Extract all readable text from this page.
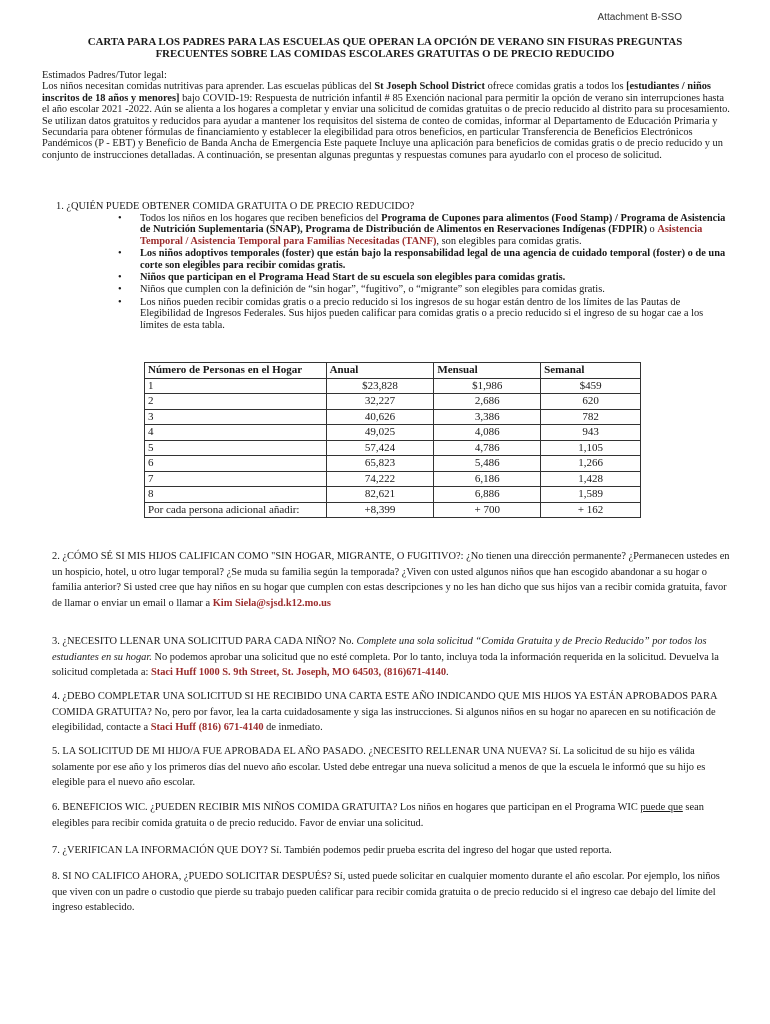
Attachment B-SSO
CARTA PARA LOS PADRES PARA LAS ESCUELAS QUE OPERAN LA OPCIÓN DE VERANO SIN FISURAS PREGUNTAS
FRECUENTES SOBRE LAS COMIDAS ESCOLARES GRATUITAS O DE PRECIO REDUCIDO
Estimados Padres/Tutor legal:
Los niños necesitan comidas nutritivas para aprender. Las escuelas públicas del St Joseph School District ofrece comidas gratis a todos los [estudiantes / niños inscritos de 18 años y menores] bajo COVID-19: Respuesta de nutrición infantil # 85 Exención nacional para permitir la opción de verano sin interrupciones hasta el año escolar 2021 -2022. Aún se alienta a los hogares a completar y enviar una solicitud de comidas gratuitas o de precio reducido al distrito para su procesamiento. Se utilizan datos gratuitos y reducidos para ayudar a mantener los requisitos del sistema de conteo de comidas, informar al Departamento de Educación Primaria y Secundaria para obtener fórmulas de financiamiento y establecer la elegibilidad para otros beneficios, en particular Transferencia de Beneficios Electrónicos Pandémicos (P - EBT) y Beneficio de Banda Ancha de Emergencia Este paquete Incluye una aplicación para beneficios de comidas gratis o de precio reducido y un conjunto de instrucciones detalladas. A continuación, se presentan algunas preguntas y respuestas comunes para ayudarlo con el proceso de solicitud.
1. ¿QUIÉN PUEDE OBTENER COMIDA GRATUITA O DE PRECIO REDUCIDO?
• Todos los niños en los hogares que reciben beneficios del Programa de Cupones para alimentos (Food Stamp) / Programa de Asistencia de Nutrición Suplementaria (SNAP), Programa de Distribución de Alimentos en Reservaciones Indígenas (FDPIR) o Asistencia Temporal / Asistencia Temporal para Familias Necesitadas (TANF), son elegibles para comidas gratis.
• Los niños adoptivos temporales (foster) que están bajo la responsabilidad legal de una agencia de cuidado temporal (foster) o de una corte son elegibles para recibir comidas gratis.
• Niños que participan en el Programa Head Start de su escuela son elegibles para comidas gratis.
• Niños que cumplen con la definición de “sin hogar”, “fugitivo”, o “migrante” son elegibles para comidas gratis.
• Los niños pueden recibir comidas gratis o a precio reducido si los ingresos de su hogar están dentro de los límites de las Pautas de Elegibilidad de Ingresos Federales. Sus hijos pueden calificar para comidas gratis o a precio reducido si el ingreso de su hogar cae a los límites de esta tabla.
Número de Personas en el Hogar	Anual	Mensual	Semanal
1	$23,828	$1,986	$459
2	32,227	2,686	620
3	40,626	3,386	782
4	49,025	4,086	943
5	57,424	4,786	1,105
6	65,823	5,486	1,266
7	74,222	6,186	1,428
8	82,621	6,886	1,589
Por cada persona adicional añadir:	+8,399	+ 700	+ 162
2. ¿CÓMO SÉ SI MIS HIJOS CALIFICAN COMO "SIN HOGAR, MIGRANTE, O FUGITIVO?: ¿No tienen una dirección permanente? ¿Permanecen ustedes en un hospicio, hotel, u otro lugar temporal? ¿Se muda su familia según la temporada? ¿Viven con usted algunos niños que han escogido abandonar a su hogar o familia anterior? Si usted cree que hay niños en su hogar que cumplen con estas descripciones y no les han dicho que sus hijos van a recibir comida gratuita, favor de llamar o enviar un email o llamar a Kim Siela@sjsd.k12.mo.us
3. ¿NECESITO LLENAR UNA SOLICITUD PARA CADA NIÑO? No. Complete una sola solicitud “Comida Gratuita y de Precio Reducido” por todos los estudiantes en su hogar. No podemos aprobar una solicitud que no esté completa. Por lo tanto, incluya toda la información requerida en la solicitud. Devuelva la solicitud completada a: Staci Huff 1000 S. 9th Street, St. Joseph, MO 64503, (816)671-4140.
4. ¿DEBO COMPLETAR UNA SOLICITUD SI HE RECIBIDO UNA CARTA ESTE AÑO INDICANDO QUE MIS HIJOS YA ESTÁN APROBADOS PARA COMIDA GRATUITA? No, pero por favor, lea la carta cuidadosamente y siga las instrucciones. Si algunos niños en su hogar no aparecen en su notificación de elegibilidad, contacte a Staci Huff (816) 671-4140 de inmediato.
5. LA SOLICITUD DE MI HIJO/A FUE APROBADA EL AÑO PASADO. ¿NECESITO RELLENAR UNA NUEVA? Sí. La solicitud de su hijo es válida solamente por ese año y los primeros días del nuevo año escolar. Usted debe entregar una nueva solicitud a menos de que la escuela le informó que su hijo es elegible para el nuevo año escolar.
6. BENEFICIOS WIC. ¿PUEDEN RECIBIR MIS NIÑOS COMIDA GRATUITA? Los niños en hogares que participan en el Programa WIC puede que sean elegibles para recibir comida gratuita o de precio reducido. Favor de enviar una solicitud.
7. ¿VERIFICAN LA INFORMACIÓN QUE DOY? Sí. También podemos pedir prueba escrita del ingreso del hogar que usted reporta.
8. SI NO CALIFICO AHORA, ¿PUEDO SOLICITAR DESPUÉS? Sí, usted puede solicitar en cualquier momento durante el año escolar. Por ejemplo, los niños que viven con un padre o custodio que pierde su trabajo pueden calificar para recibir comida gratuita o de precio reducido si el ingreso cae debajo del límite del ingreso establecido.
